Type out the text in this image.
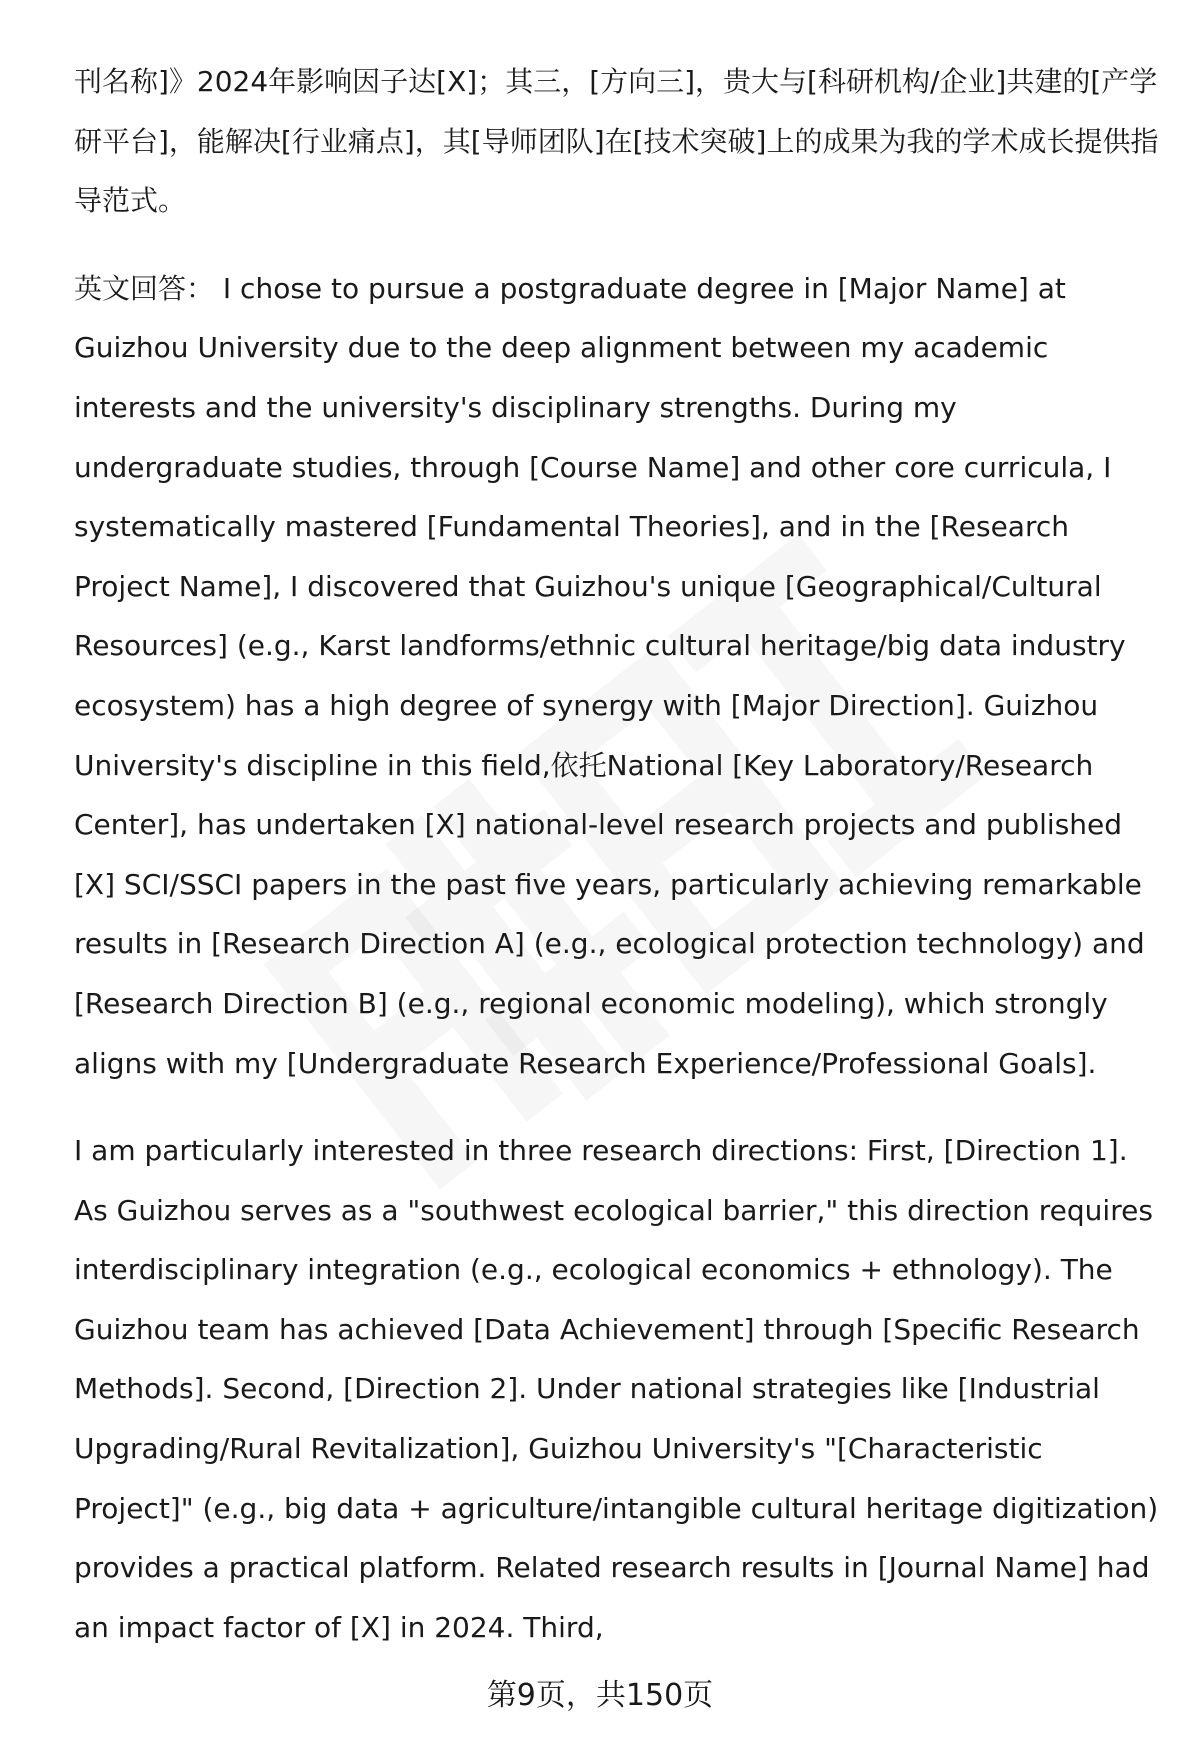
刊名称]》2024年影响因子达[X]；其三，[方向三]，贵大与[科研机构/企业]共建的[产学研平台]，能解决[行业痛点]，其[导师团队]在[技术突破]上的成果为我的学术成长提供指导范式。

英文回答： I chose to pursue a postgraduate degree in [Major Name] at Guizhou University due to the deep alignment between my academic interests and the university's disciplinary strengths. During my undergraduate studies, through [Course Name] and other core curricula, I systematically mastered [Fundamental Theories], and in the [Research Project Name], I discovered that Guizhou's unique [Geographical/Cultural Resources] (e.g., Karst landforms/ethnic cultural heritage/big data industry ecosystem) has a high degree of synergy with [Major Direction]. Guizhou University's discipline in this field,依托National [Key Laboratory/Research Center], has undertaken [X] national-level research projects and published [X] SCI/SSCI papers in the past five years, particularly achieving remarkable results in [Research Direction A] (e.g., ecological protection technology) and [Research Direction B] (e.g., regional economic modeling), which strongly aligns with my [Undergraduate Research Experience/Professional Goals].

I am particularly interested in three research directions: First, [Direction 1]. As Guizhou serves as a "southwest ecological barrier," this direction requires interdisciplinary integration (e.g., ecological economics + ethnology). The Guizhou team has achieved [Data Achievement] through [Specific Research Methods]. Second, [Direction 2]. Under national strategies like [Industrial Upgrading/Rural Revitalization], Guizhou University's "[Characteristic Project]" (e.g., big data + agriculture/intangible cultural heritage digitization) provides a practical platform. Related research results in [Journal Name] had an impact factor of [X] in 2024. Third,

第9页，共150页
